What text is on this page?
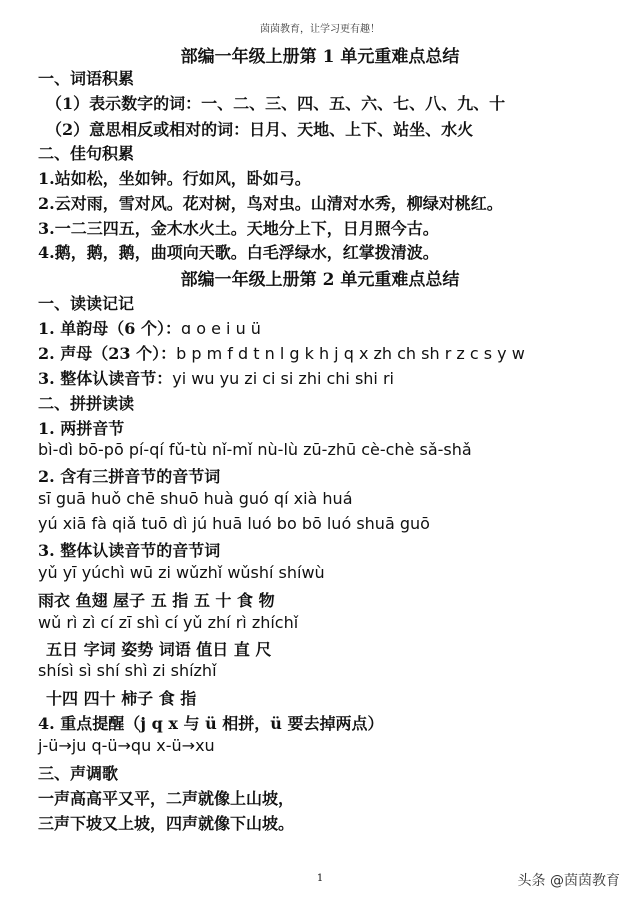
茵茵教育，让学习更有趣！
部编一年级上册第 1 单元重难点总结
一、词语积累
（1）表示数字的词：一、二、三、四、五、六、七、八、九、十
（2）意思相反或相对的词：日月、天地、上下、站坐、水火
二、佳句积累
1.站如松，坐如钟。行如风，卧如弓。
2.云对雨，雪对风。花对树，鸟对虫。山清对水秀，柳绿对桃红。
3.一二三四五，金木水火土。天地分上下，日月照今古。
4.鹅，鹅，鹅，曲项向天歌。白毛浮绿水，红掌拨清波。
部编一年级上册第 2 单元重难点总结
一、读读记记
1. 单韵母（6 个）：ɑ o e i u ü
2. 声母（23 个）：b p m f d t n l g k h j q x zh ch sh r z c s y w
3. 整体认读音节：yi wu yu zi ci si zhi chi shi ri
二、拼拼读读
1. 两拼音节
bì-dì bō-pō pí-qí fǔ-tù nǐ-mǐ nù-lù zū-zhū cè-chè sǎ-shǎ
2. 含有三拼音节的音节词
sī guā huǒ chē shuō huà guó qí xià huá
yú xiā fà qiǎ tuō dì jú huā luó bo bō luó shuā guō
3. 整体认读音节的音节词
yǔ yī yúchì wū zi wǔzhǐ wǔshí shíwù
雨衣 鱼翅 屋子 五 指 五 十 食 物
wǔ rì zì cí zī shì cí yǔ zhí rì zhíchǐ
五日 字词 姿势 词语 值日 直 尺
shísì sì shí shì zi shízhǐ
十四 四十 柿子 食 指
4. 重点提醒（j q x 与 ü 相拼，ü 要去掉两点）
j-ü→ju q-ü→qu x-ü→xu
三、声调歌
一声高高平又平，二声就像上山坡，
三声下坡又上坡，四声就像下山坡。
1	头条 @茵茵教育
